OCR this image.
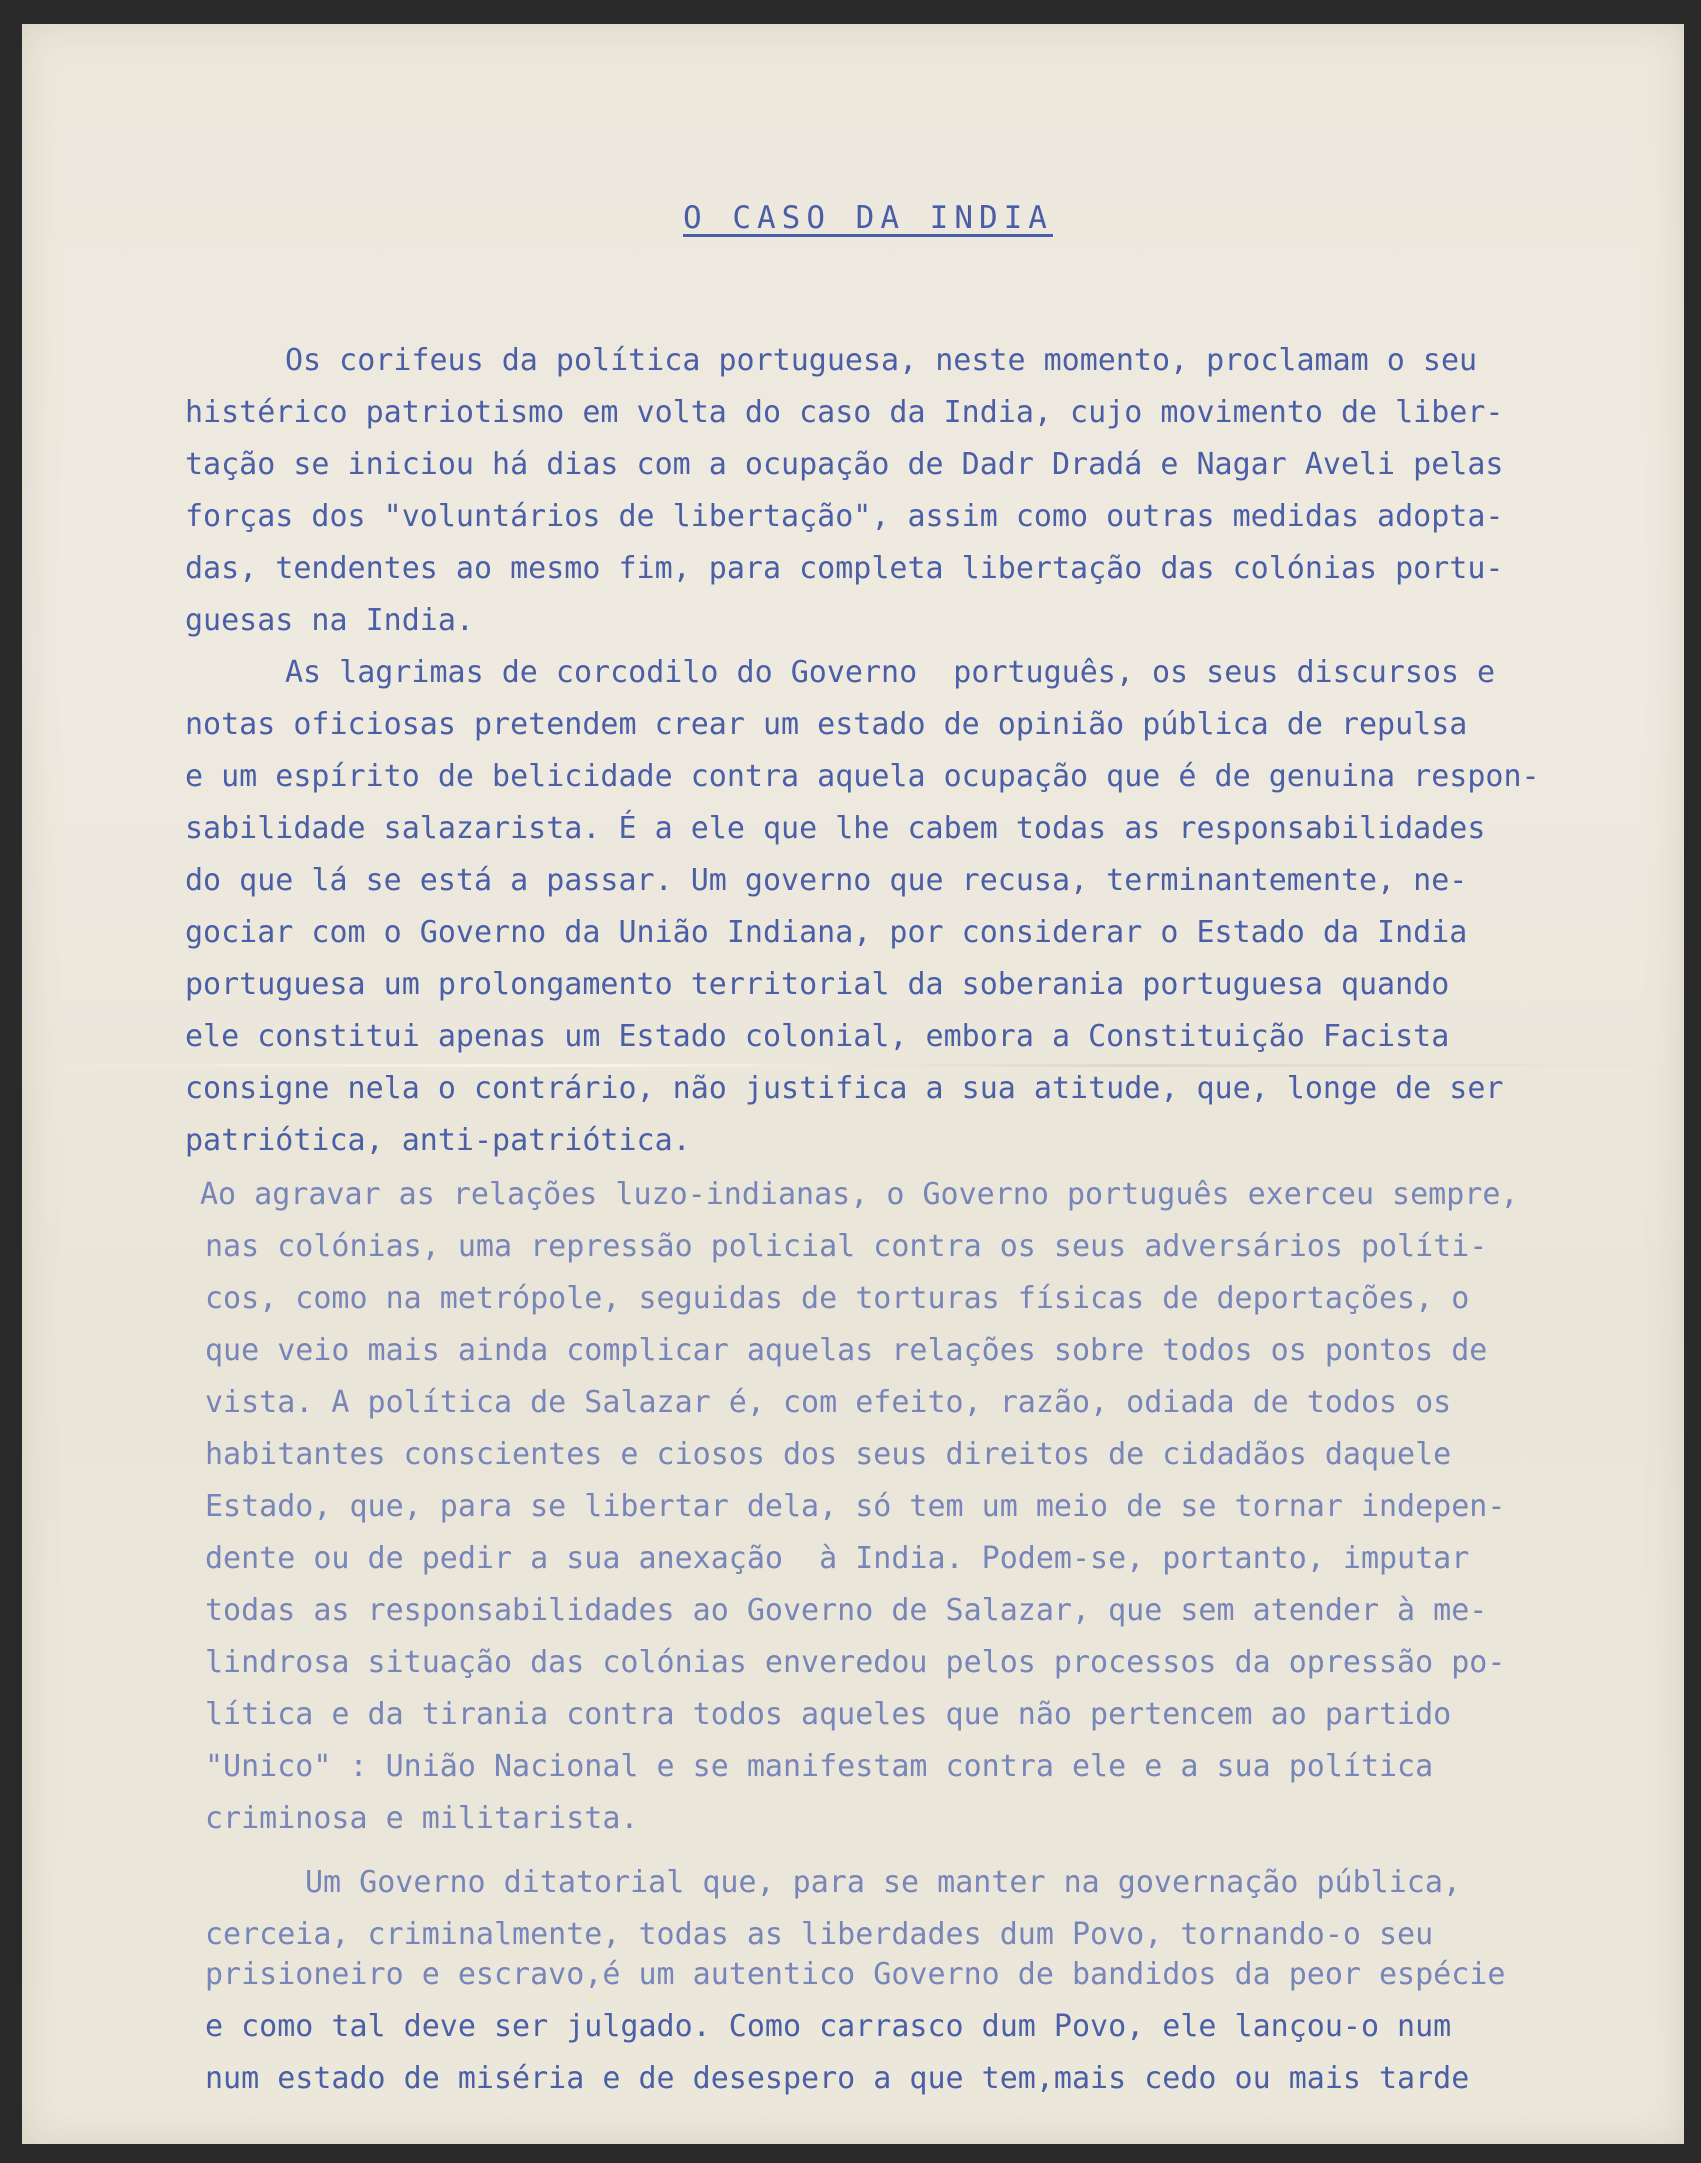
O CASO DA INDIA
Os corifeus da política portuguesa, neste momento, proclamam o seu
histérico patriotismo em volta do caso da India, cujo movimento de liber-
tação se iniciou há dias com a ocupação de Dadr Dradá e Nagar Aveli pelas
forças dos "voluntários de libertação", assim como outras medidas adopta-
das, tendentes ao mesmo fim, para completa libertação das colónias portu-
guesas na India.
As lagrimas de corcodilo do Governo  português, os seus discursos e
notas oficiosas pretendem crear um estado de opinião pública de repulsa
e um espírito de belicidade contra aquela ocupação que é de genuina respon-
sabilidade salazarista. É a ele que lhe cabem todas as responsabilidades
do que lá se está a passar. Um governo que recusa, terminantemente, ne-
gociar com o Governo da União Indiana, por considerar o Estado da India
portuguesa um prolongamento territorial da soberania portuguesa quando
ele constitui apenas um Estado colonial, embora a Constituição Facista
consigne nela o contrário, não justifica a sua atitude, que, longe de ser
patriótica, anti-patriótica.
Ao agravar as relações luzo-indianas, o Governo português exerceu sempre,
nas colónias, uma repressão policial contra os seus adversários políti-
cos, como na metrópole, seguidas de torturas físicas de deportações, o
que veio mais ainda complicar aquelas relações sobre todos os pontos de
vista. A política de Salazar é, com efeito, razão, odiada de todos os
habitantes conscientes e ciosos dos seus direitos de cidadãos daquele
Estado, que, para se libertar dela, só tem um meio de se tornar indepen-
dente ou de pedir a sua anexação  à India. Podem-se, portanto, imputar
todas as responsabilidades ao Governo de Salazar, que sem atender à me-
lindrosa situação das colónias enveredou pelos processos da opressão po-
lítica e da tirania contra todos aqueles que não pertencem ao partido
"Unico" : União Nacional e se manifestam contra ele e a sua política
criminosa e militarista.
Um Governo ditatorial que, para se manter na governação pública,
cerceia, criminalmente, todas as liberdades dum Povo, tornando-o seu
prisioneiro e escravo,é um autentico Governo de bandidos da peor espécie
e como tal deve ser julgado. Como carrasco dum Povo, ele lançou-o num
num estado de miséria e de desespero a que tem,mais cedo ou mais tarde
